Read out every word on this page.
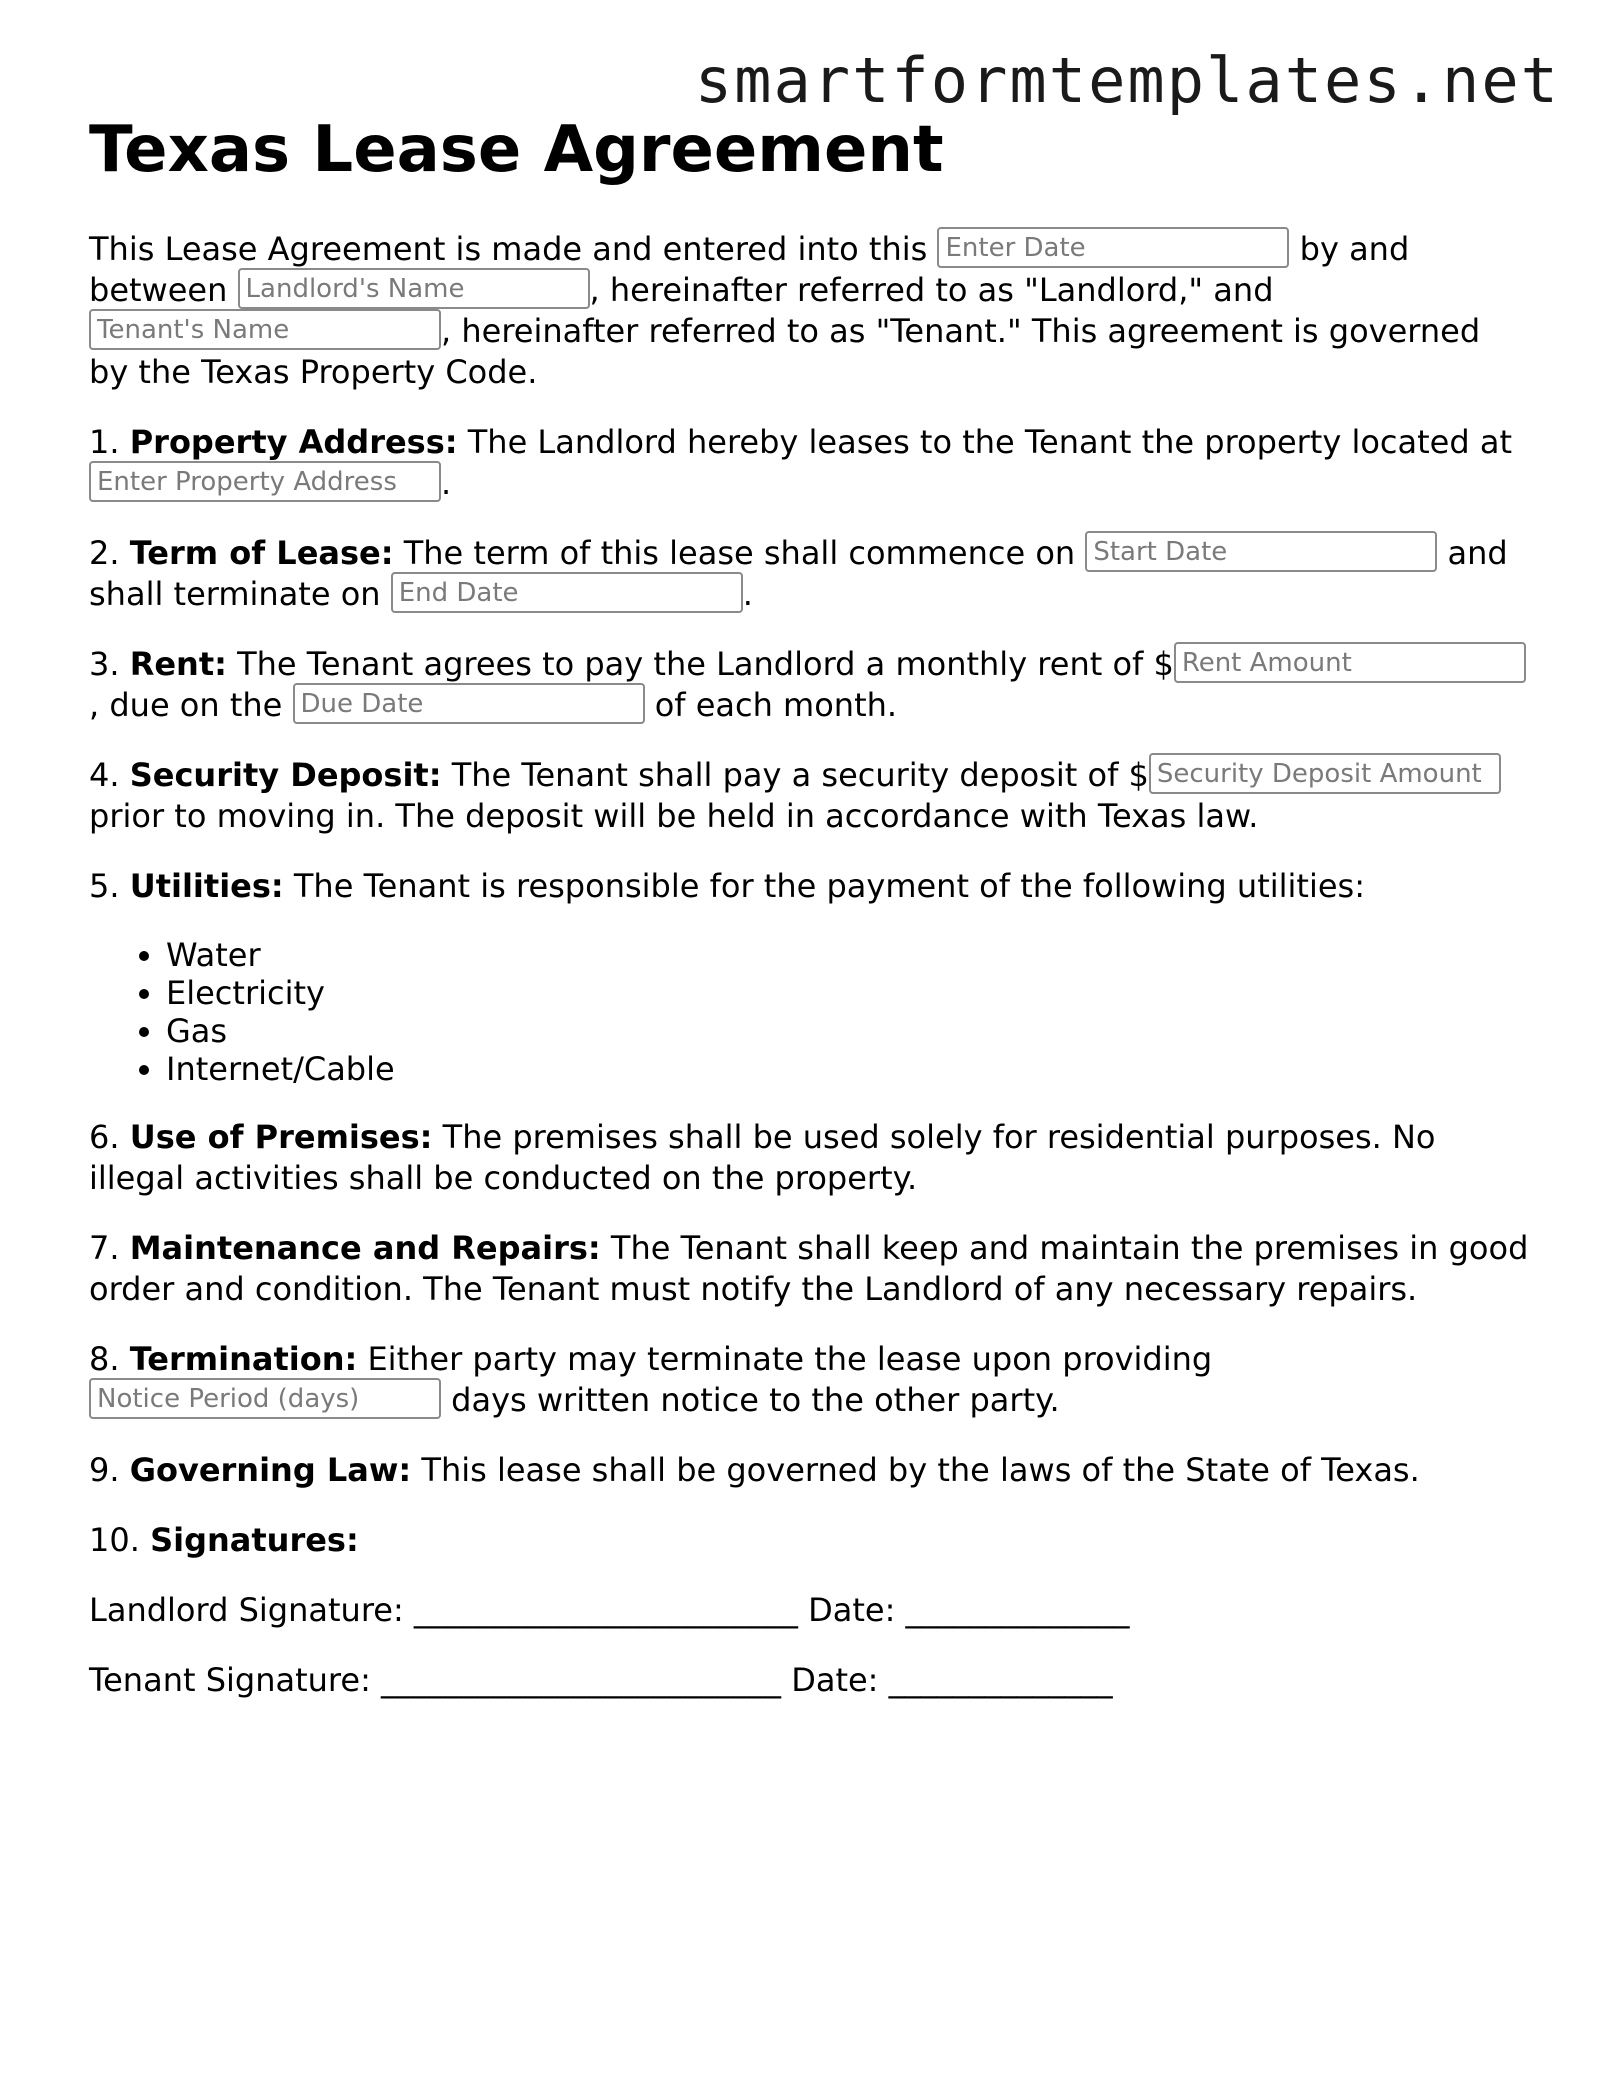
smartformtemplates.net
Texas Lease Agreement

This Lease Agreement is made and entered into this Enter Date	by and between Landlord's Name	, hereinafter referred to as "Landlord," and Tenant's Name, hereinafter referred to as "Tenant." This agreement is governed by the Texas Property Code.

1. Property Address: The Landlord hereby leases to the Tenant the property located at Enter Property Address.

2. Term of Lease: The term of this lease shall commence on Start Date	and shall terminate on End Date	.

3. Rent: The Tenant agrees to pay the Landlord a monthly rent of $Rent Amount, due on the Due Date	of each month.

4. Security Deposit: The Tenant shall pay a security deposit of $Security Deposit Amount prior to moving in. The deposit will be held in accordance with Texas law.

5. Utilities: The Tenant is responsible for the payment of the following utilities:

• Water
• Electricity
• Gas
• Internet/Cable

6. Use of Premises: The premises shall be used solely for residential purposes. No illegal activities shall be conducted on the property.

7. Maintenance and Repairs: The Tenant shall keep and maintain the premises in good order and condition. The Tenant must notify the Landlord of any necessary repairs.

8. Termination: Either party may terminate the lease upon providing
Notice Period (days) days written notice to the other party.

9. Governing Law: This lease shall be governed by the laws of the State of Texas.

10. Signatures:

Landlord Signature: ________________________ Date: ______________

Tenant Signature: _________________________ Date: ______________
